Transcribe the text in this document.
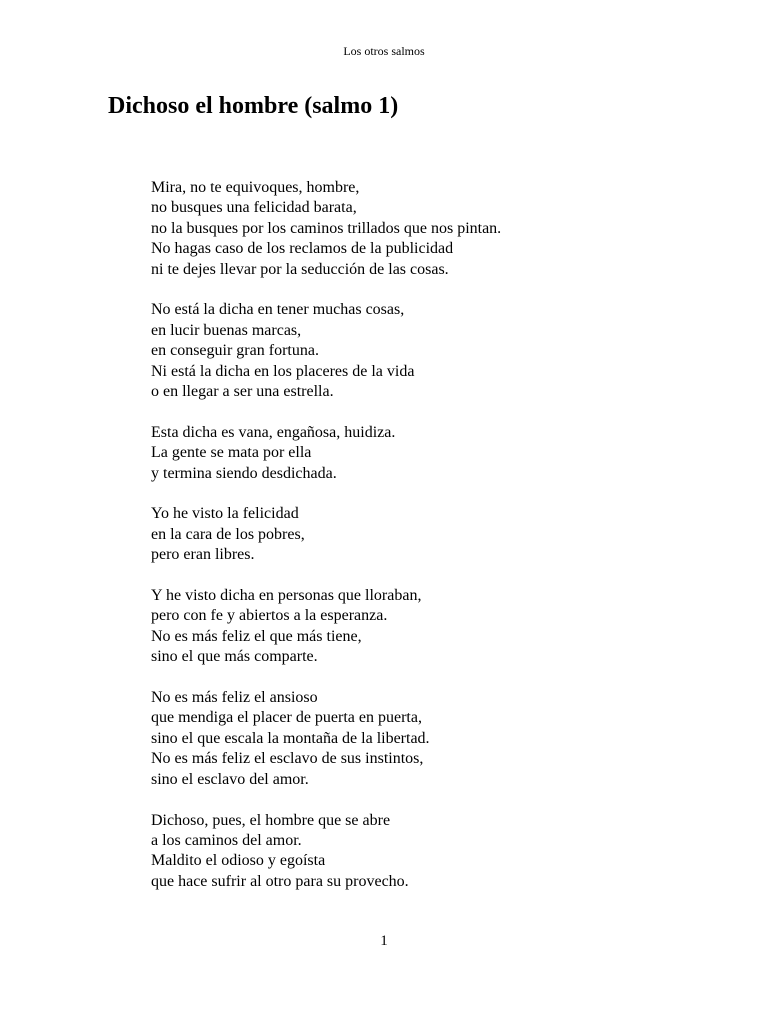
Los otros salmos
Dichoso el hombre (salmo 1)

Mira, no te equivoques, hombre,
no busques una felicidad barata,
no la busques por los caminos trillados que nos pintan.
No hagas caso de los reclamos de la publicidad
ni te dejes llevar por la seducción de las cosas.

No está la dicha en tener muchas cosas,
en lucir buenas marcas,
en conseguir gran fortuna.
Ni está la dicha en los placeres de la vida
o en llegar a ser una estrella.

Esta dicha es vana, engañosa, huidiza.
La gente se mata por ella
y termina siendo desdichada.

Yo he visto la felicidad
en la cara de los pobres,
pero eran libres.

Y he visto dicha en personas que lloraban,
pero con fe y abiertos a la esperanza.
No es más feliz el que más tiene,
sino el que más comparte.

No es más feliz el ansioso
que mendiga el placer de puerta en puerta,
sino el que escala la montaña de la libertad.
No es más feliz el esclavo de sus instintos,
sino el esclavo del amor.

Dichoso, pues, el hombre que se abre
a los caminos del amor.
Maldito el odioso y egoísta
que hace sufrir al otro para su provecho.

1
